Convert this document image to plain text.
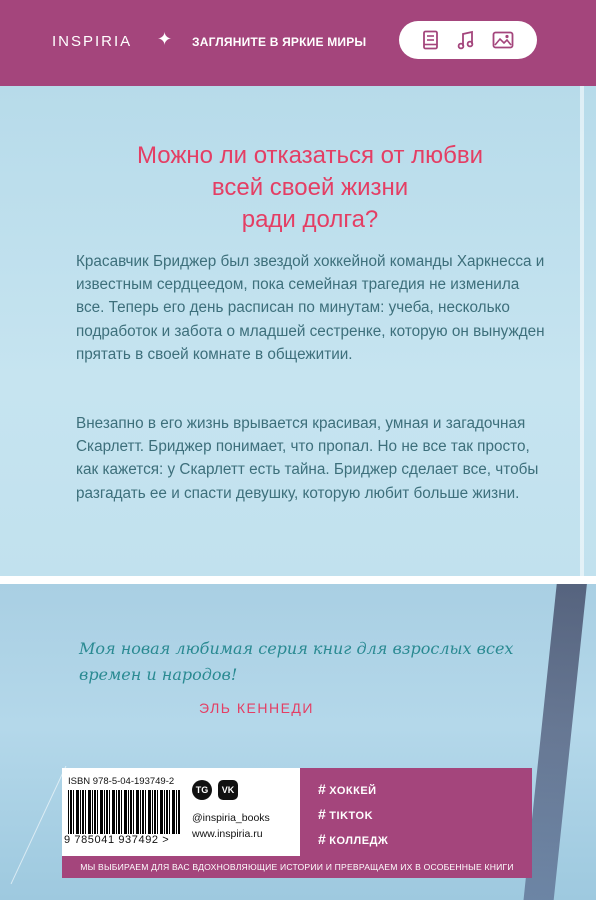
INSPIRIA ✦ ЗАГЛЯНИТЕ В ЯРКИЕ МИРЫ
Можно ли отказаться от любви
всей своей жизни
ради долга?

Красавчик Бриджер был звездой хоккейной команды Харкнесса и известным сердцеедом, пока семейная трагедия не изменила все. Теперь его день расписан по минутам: учеба, несколько подработок и забота о младшей сестренке, которую он вынужден прятать в своей комнате в общежитии.

Внезапно в его жизнь врывается красивая, умная и загадочная Скарлетт. Бриджер понимает, что пропал. Но не все так просто, как кажется: у Скарлетт есть тайна. Бриджер сделает все, чтобы разгадать ее и спасти девушку, которую любит больше жизни.

Моя новая любимая серия книг для взрослых всех времен и народов!

ЭЛЬ КЕННЕДИ
ISBN 978-5-04-193749-2
9 785041 937492 >
TG	VK
@inspiria_books
www.inspiria.ru
# ХОККЕЙ
# TIKTOK
# КОЛЛЕДЖ
МЫ ВЫБИРАЕМ ДЛЯ ВАС ВДОХНОВЛЯЮЩИЕ ИСТОРИИ И ПРЕВРАЩАЕМ ИХ В ОСОБЕННЫЕ КНИГИ
